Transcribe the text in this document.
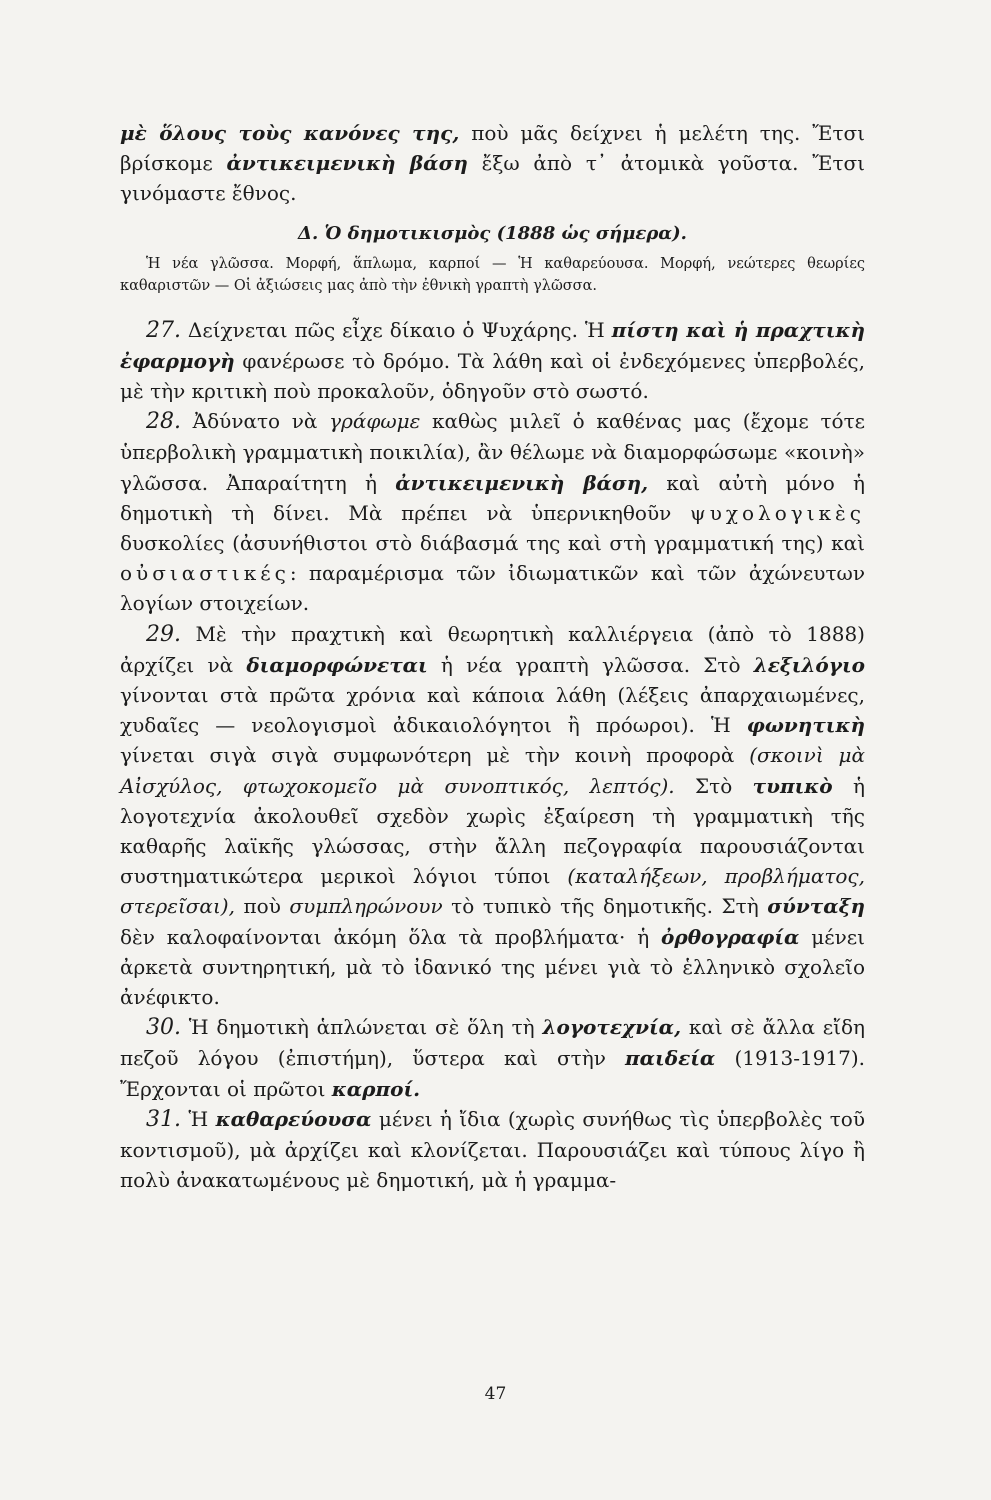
μὲ ὅλους τοὺς κανόνες της, ποὺ μᾶς δείχνει ἡ μελέτη της. Ἔτσι βρίσκομε ἀντικειμενικὴ βάση ἔξω ἀπὸ τ᾽ ἀτομικὰ γοῦστα. Ἔτσι γινόμαστε ἔθνος.

Δ. Ὁ δημοτικισμὸς (1888 ὡς σήμερα).
Ἡ νέα γλῶσσα. Μορφή, ἅπλωμα, καρποί — Ἡ καθαρεύουσα. Μορφή, νεώτερες θεωρίες καθαριστῶν — Οἱ ἀξιώσεις μας ἀπὸ τὴν ἐθνικὴ γραπτὴ γλῶσσα.

27. Δείχνεται πῶς εἶχε δίκαιο ὁ Ψυχάρης. Ἡ πίστη καὶ ἡ πραχτικὴ ἐφαρμογὴ φανέρωσε τὸ δρόμο. Τὰ λάθη καὶ οἱ ἐνδεχόμενες ὑπερβολές, μὲ τὴν κριτικὴ ποὺ προκαλοῦν, ὁδηγοῦν στὸ σωστό.

28. Ἀδύνατο νὰ γράφωμε καθὼς μιλεῖ ὁ καθένας μας (ἔχομε τότε ὑπερβολικὴ γραμματικὴ ποικιλία), ἂν θέλωμε νὰ διαμορφώσωμε «κοινὴ» γλῶσσα. Ἀπαραίτητη ἡ ἀντικειμενικὴ βάση, καὶ αὐτὴ μόνο ἡ δημοτικὴ τὴ δίνει. Μὰ πρέπει νὰ ὑπερνικηθοῦν ψυχολογικὲς δυσκολίες (ἀσυνήθιστοι στὸ διάβασμά της καὶ στὴ γραμματική της) καὶ οὐσιαστικές: παραμέρισμα τῶν ἰδιωματικῶν καὶ τῶν ἀχώνευτων λογίων στοιχείων.

29. Μὲ τὴν πραχτικὴ καὶ θεωρητικὴ καλλιέργεια (ἀπὸ τὸ 1888) ἀρχίζει νὰ διαμορφώνεται ἡ νέα γραπτὴ γλῶσσα. Στὸ λεξιλόγιο γίνονται στὰ πρῶτα χρόνια καὶ κάποια λάθη (λέξεις ἀπαρχαιωμένες, χυδαῖες — νεολογισμοὶ ἀδικαιολόγητοι ἢ πρόωροι). Ἡ φωνητικὴ γίνεται σιγὰ σιγὰ συμφωνότερη μὲ τὴν κοινὴ προφορὰ (σκοινὶ μὰ Αἰσχύλος, φτωχοκομεῖο μὰ συνοπτικός, λεπτός). Στὸ τυπικὸ ἡ λογοτεχνία ἀκολουθεῖ σχεδὸν χωρὶς ἐξαίρεση τὴ γραμματικὴ τῆς καθαρῆς λαϊκῆς γλώσσας, στὴν ἄλλη πεζογραφία παρουσιάζονται συστηματικώτερα μερικοὶ λόγιοι τύποι (καταλήξεων, προβλήματος, στερεῖσαι), ποὺ συμπληρώνουν τὸ τυπικὸ τῆς δημοτικῆς. Στὴ σύνταξη δὲν καλοφαίνονται ἀκόμη ὅλα τὰ προβλήματα· ἡ ὀρθογραφία μένει ἀρκετὰ συντηρητική, μὰ τὸ ἰδανικό της μένει γιὰ τὸ ἑλληνικὸ σχολεῖο ἀνέφικτο.

30. Ἡ δημοτικὴ ἁπλώνεται σὲ ὅλη τὴ λογοτεχνία, καὶ σὲ ἄλλα εἴδη πεζοῦ λόγου (ἐπιστήμη), ὕστερα καὶ στὴν παιδεία (1913-1917). Ἔρχονται οἱ πρῶτοι καρποί.

31. Ἡ καθαρεύουσα μένει ἡ ἴδια (χωρὶς συνήθως τὶς ὑπερβολὲς τοῦ κοντισμοῦ), μὰ ἀρχίζει καὶ κλονίζεται. Παρουσιάζει καὶ τύπους λίγο ἢ πολὺ ἀνακατωμένους μὲ δημοτική, μὰ ἡ γραμμα-

47
